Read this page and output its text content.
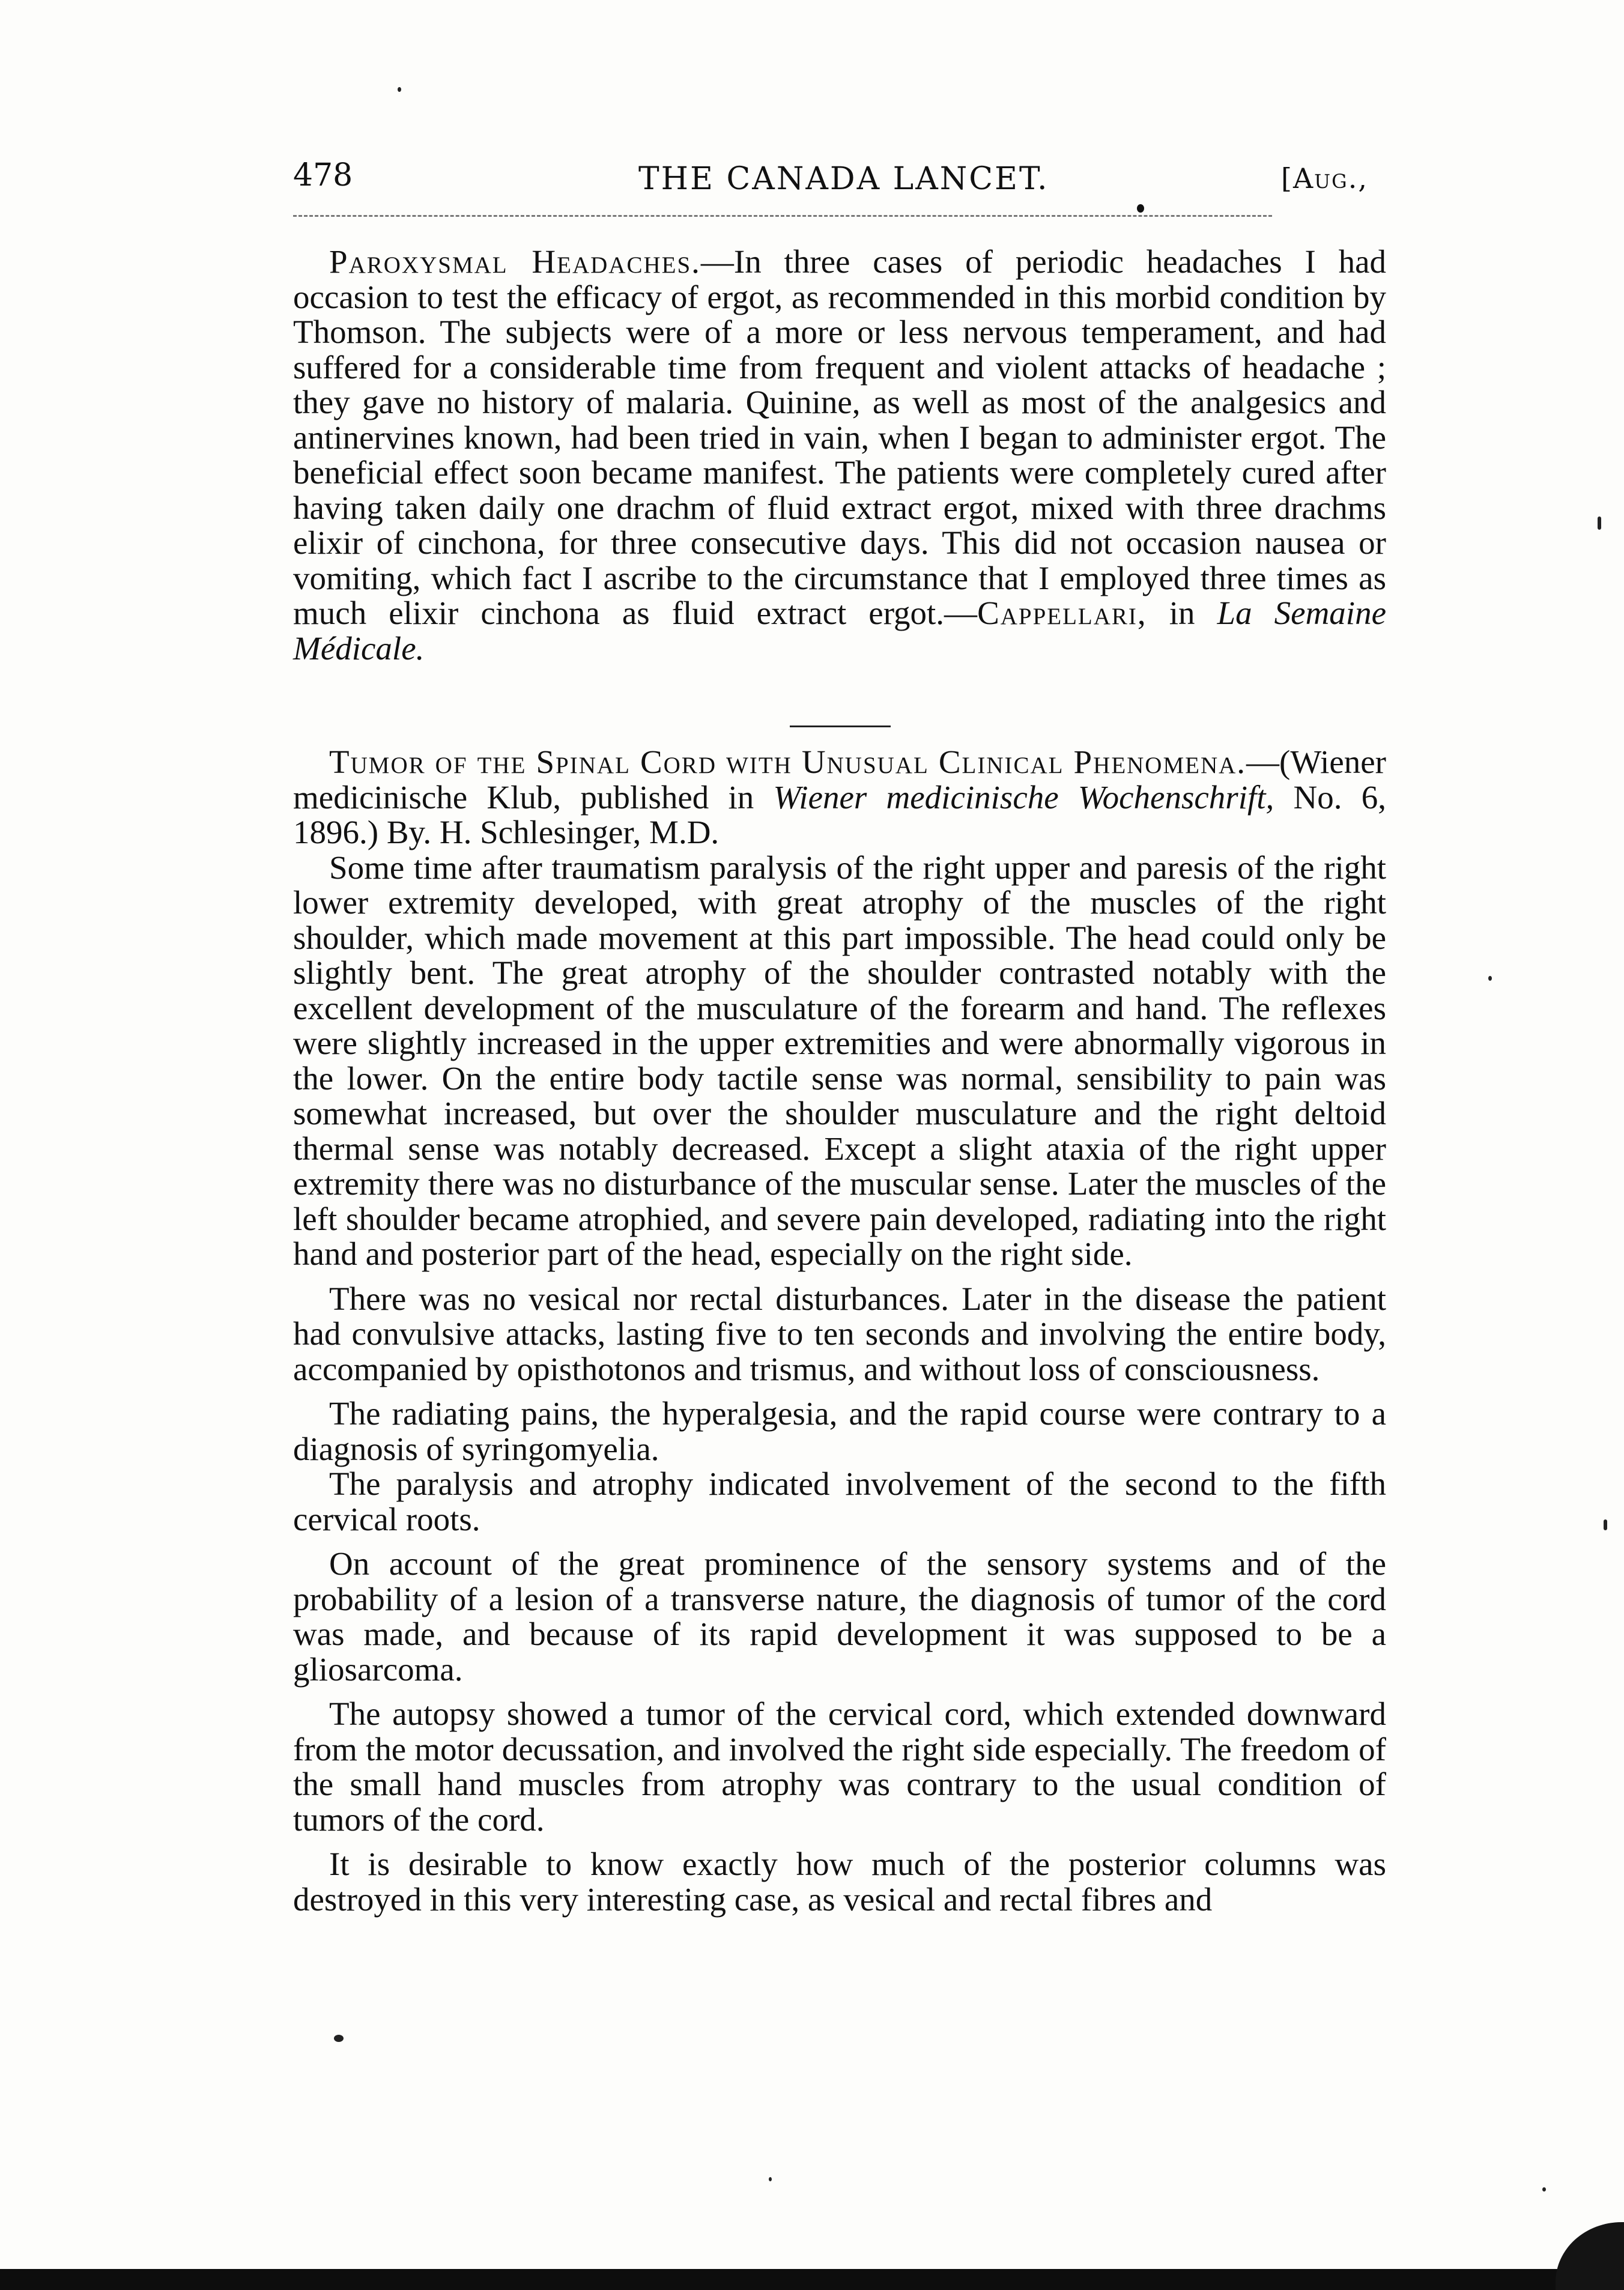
478	THE CANADA LANCET.	[Aug.,

Paroxysmal Headaches.—In three cases of periodic headaches I had occasion to test the efficacy of ergot, as recommended in this morbid condition by Thomson. The subjects were of a more or less nervous temperament, and had suffered for a considerable time from frequent and violent attacks of headache ; they gave no history of malaria. Quinine, as well as most of the analgesics and antinervines known, had been tried in vain, when I began to administer ergot. The beneficial effect soon became manifest. The patients were completely cured after having taken daily one drachm of fluid extract ergot, mixed with three drachms elixir of cinchona, for three consecutive days. This did not occasion nausea or vomiting, which fact I ascribe to the circumstance that I employed three times as much elixir cinchona as fluid extract ergot.—Cappellari, in La Semaine Médicale.

Tumor of the Spinal Cord with Unusual Clinical Phenomena.—(Wiener medicinische Klub, published in Wiener medicinische Wochenschrift, No. 6, 1896.) By. H. Schlesinger, M.D.

Some time after traumatism paralysis of the right upper and paresis of the right lower extremity developed, with great atrophy of the muscles of the right shoulder, which made movement at this part impossible. The head could only be slightly bent. The great atrophy of the shoulder contrasted notably with the excellent development of the musculature of the forearm and hand. The reflexes were slightly increased in the upper extremities and were abnormally vigorous in the lower. On the entire body tactile sense was normal, sensibility to pain was somewhat increased, but over the shoulder musculature and the right deltoid thermal sense was notably decreased. Except a slight ataxia of the right upper extremity there was no disturbance of the muscular sense. Later the muscles of the left shoulder became atrophied, and severe pain developed, radiating into the right hand and posterior part of the head, especially on the right side.

There was no vesical nor rectal disturbances. Later in the disease the patient had convulsive attacks, lasting five to ten seconds and involving the entire body, accompanied by opisthotonos and trismus, and without loss of consciousness.

The radiating pains, the hyperalgesia, and the rapid course were contrary to a diagnosis of syringomyelia.

The paralysis and atrophy indicated involvement of the second to the fifth cervical roots.

On account of the great prominence of the sensory systems and of the probability of a lesion of a transverse nature, the diagnosis of tumor of the cord was made, and because of its rapid development it was supposed to be a gliosarcoma.

The autopsy showed a tumor of the cervical cord, which extended downward from the motor decussation, and involved the right side especially. The freedom of the small hand muscles from atrophy was contrary to the usual condition of tumors of the cord.

It is desirable to know exactly how much of the posterior columns was destroyed in this very interesting case, as vesical and rectal fibres and
